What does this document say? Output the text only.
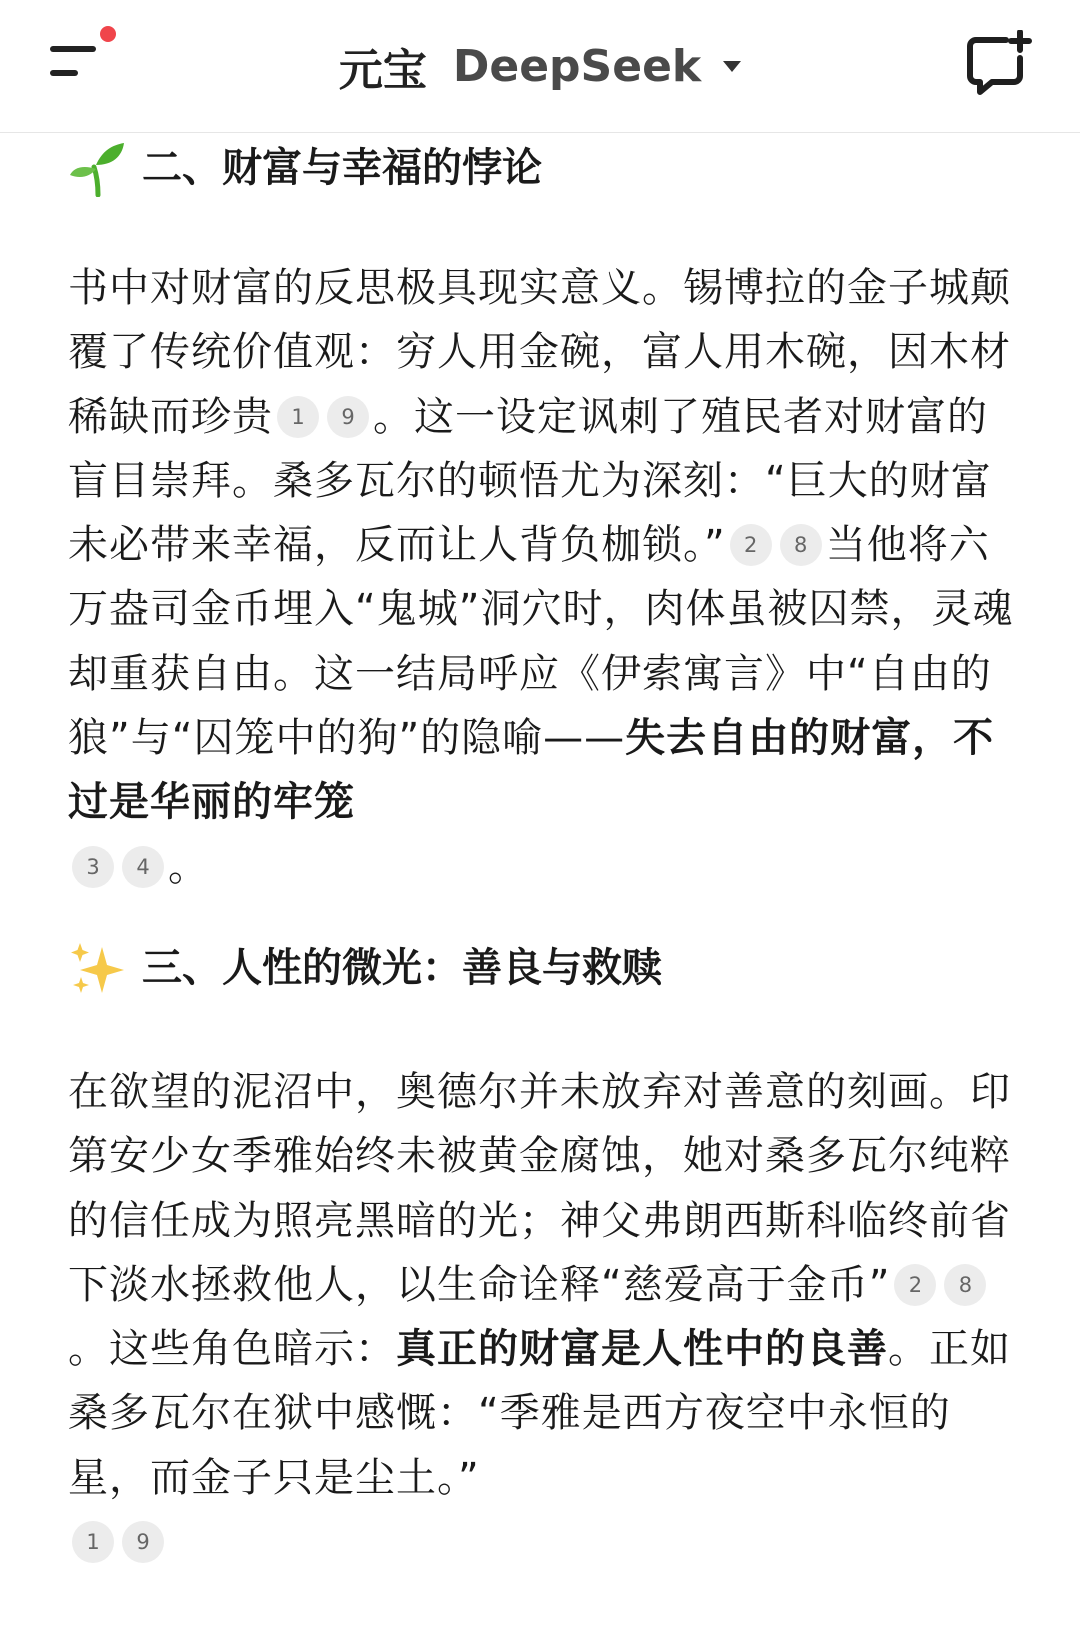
元宝 DeepSeek
二、财富与幸福的悖论
书中对财富的反思极具现实意义。锡博拉的金子城颠覆了传统价值观：穷人用金碗，富人用木碗，因木材稀缺而珍贵 1 9 。这一设定讽刺了殖民者对财富的盲目崇拜。桑多瓦尔的顿悟尤为深刻：“巨大的财富未必带来幸福，反而让人背负枷锁。” 2 8 当他将六万盎司金币埋入“鬼城”洞穴时，肉体虽被囚禁，灵魂却重获自由。这一结局呼应《伊索寓言》中“自由的狼”与“囚笼中的狗”的隐喻——失去自由的财富，不过是华丽的牢笼
3 4 。
三、人性的微光：善良与救赎
在欲望的泥沼中，奥德尔并未放弃对善意的刻画。印第安少女季雅始终未被黄金腐蚀，她对桑多瓦尔纯粹的信任成为照亮黑暗的光；神父弗朗西斯科临终前省下淡水拯救他人，以生命诠释“慈爱高于金币” 2 8。这些角色暗示：真正的财富是人性中的良善。正如桑多瓦尔在狱中感慨：“季雅是西方夜空中永恒的星，而金子只是尘土。”
1 9
